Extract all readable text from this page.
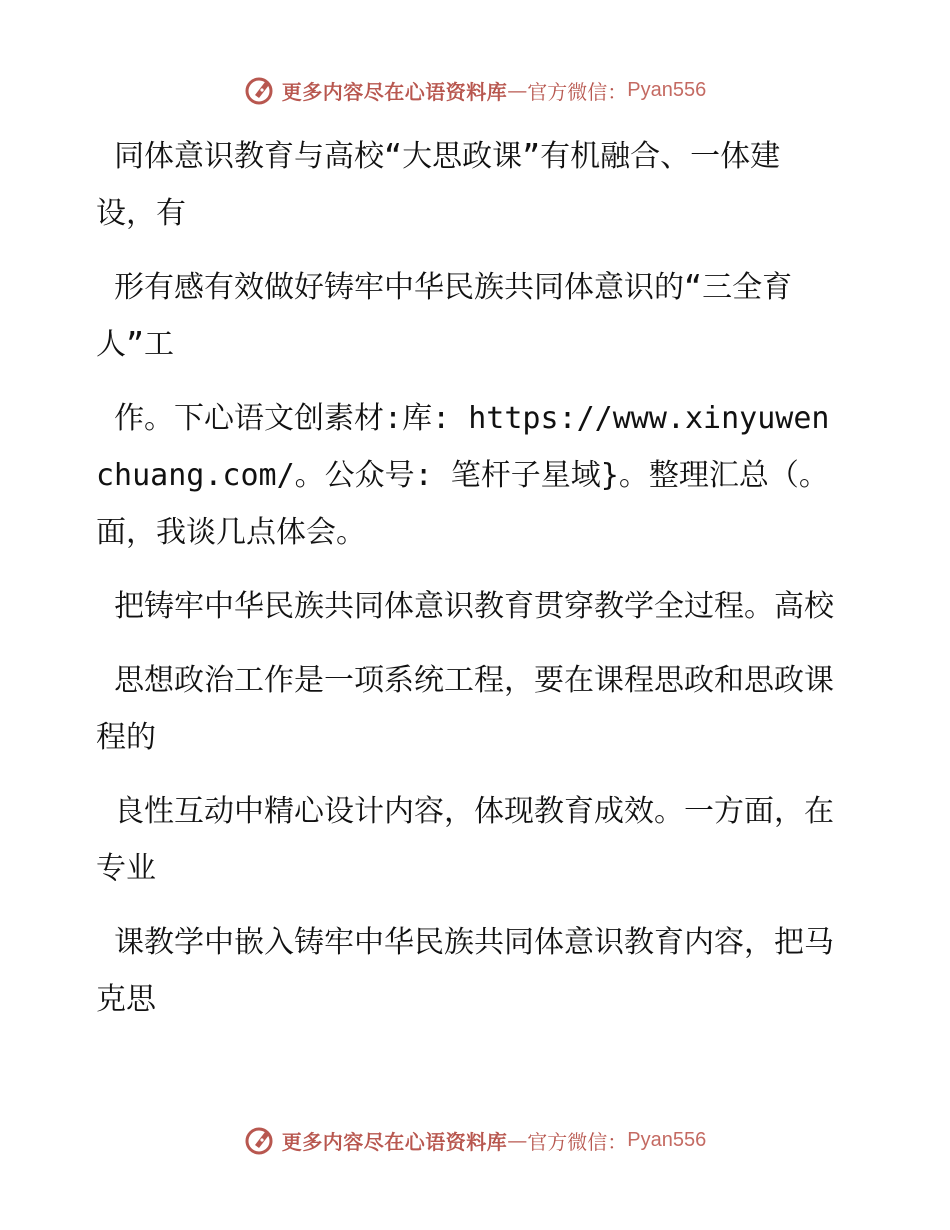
更多内容尽在心语资料库 — 官方微信： Pyan556

同体意识教育与高校“大思政课”有机融合、一体建设，有

形有感有效做好铸牢中华民族共同体意识的“三全育人”工

作。下心语文创素材:库: https://www.xinyuwenchuang.com/。公众号: 笔杆子星域}。整理汇总（。面，我谈几点体会。

把铸牢中华民族共同体意识教育贯穿教学全过程。高校

思想政治工作是一项系统工程，要在课程思政和思政课程的

良性互动中精心设计内容，体现教育成效。一方面，在专业

课教学中嵌入铸牢中华民族共同体意识教育内容，把马克思

更多内容尽在心语资料库 — 官方微信： Pyan556
